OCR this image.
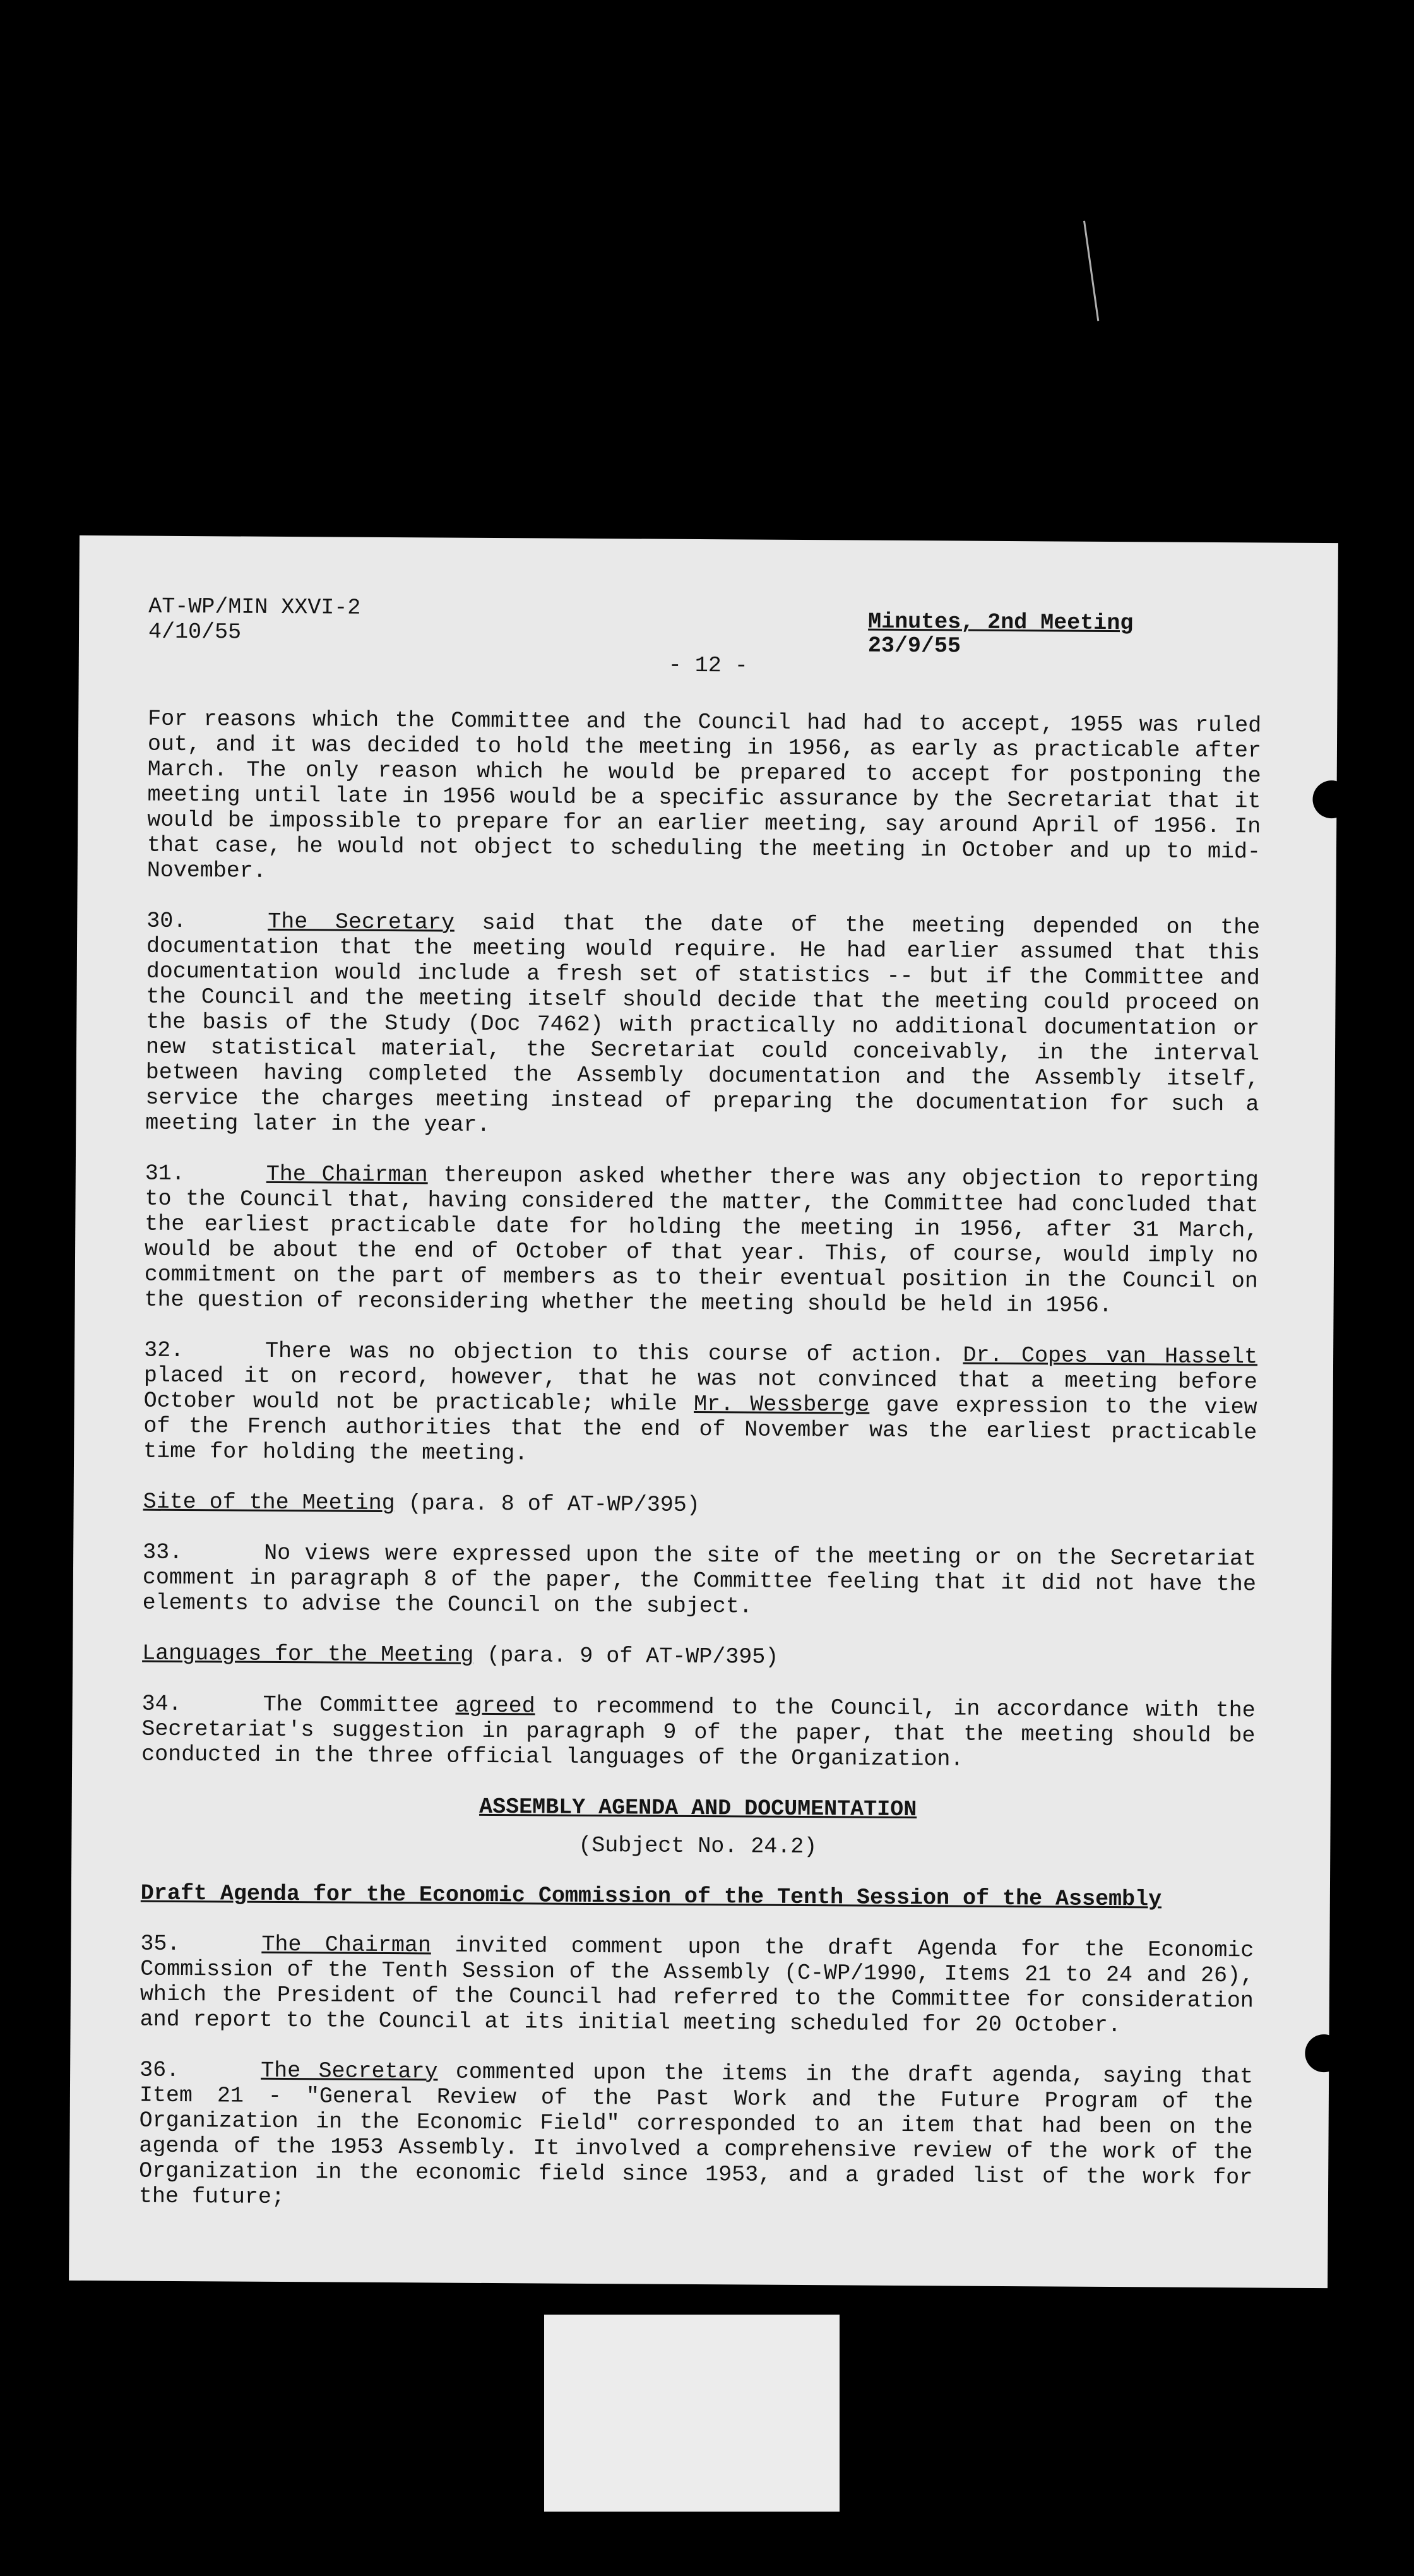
AT-WP/MIN XXVI-2
4/10/55	Minutes, 2nd Meeting
23/9/55
- 12 -

For reasons which the Committee and the Council had had to accept, 1955 was ruled out, and it was decided to hold the meeting in 1956, as early as practicable after March. The only reason which he would be prepared to accept for postponing the meeting until late in 1956 would be a specific assurance by the Secretariat that it would be impossible to prepare for an earlier meeting, say around April of 1956. In that case, he would not object to scheduling the meeting in October and up to mid-November.

30.	The Secretary said that the date of the meeting depended on the documentation that the meeting would require. He had earlier assumed that this documentation would include a fresh set of statistics -- but if the Committee and the Council and the meeting itself should decide that the meeting could proceed on the basis of the Study (Doc 7462) with practically no additional documentation or new statistical material, the Secretariat could conceivably, in the interval between having completed the Assembly documentation and the Assembly itself, service the charges meeting instead of preparing the documentation for such a meeting later in the year.

31.	The Chairman thereupon asked whether there was any objection to reporting to the Council that, having considered the matter, the Committee had concluded that the earliest practicable date for holding the meeting in 1956, after 31 March, would be about the end of October of that year. This, of course, would imply no commitment on the part of members as to their eventual position in the Council on the question of reconsidering whether the meeting should be held in 1956.

32.	There was no objection to this course of action. Dr. Copes van Hasselt placed it on record, however, that he was not convinced that a meeting before October would not be practicable; while Mr. Wessberge gave expression to the view of the French authorities that the end of November was the earliest practicable time for holding the meeting.

Site of the Meeting (para. 8 of AT-WP/395)

33.	No views were expressed upon the site of the meeting or on the Secretariat comment in paragraph 8 of the paper, the Committee feeling that it did not have the elements to advise the Council on the subject.

Languages for the Meeting (para. 9 of AT-WP/395)

34.	The Committee agreed to recommend to the Council, in accordance with the Secretariat's suggestion in paragraph 9 of the paper, that the meeting should be conducted in the three official languages of the Organization.

ASSEMBLY AGENDA AND DOCUMENTATION
(Subject No. 24.2)

Draft Agenda for the Economic Commission of the Tenth Session of the Assembly

35.	The Chairman invited comment upon the draft Agenda for the Economic Commission of the Tenth Session of the Assembly (C-WP/1990, Items 21 to 24 and 26), which the President of the Council had referred to the Committee for consideration and report to the Council at its initial meeting scheduled for 20 October.

36.	The Secretary commented upon the items in the draft agenda, saying that Item 21 - "General Review of the Past Work and the Future Program of the Organization in the Economic Field" corresponded to an item that had been on the agenda of the 1953 Assembly. It involved a comprehensive review of the work of the Organization in the economic field since 1953, and a graded list of the work for the future;
